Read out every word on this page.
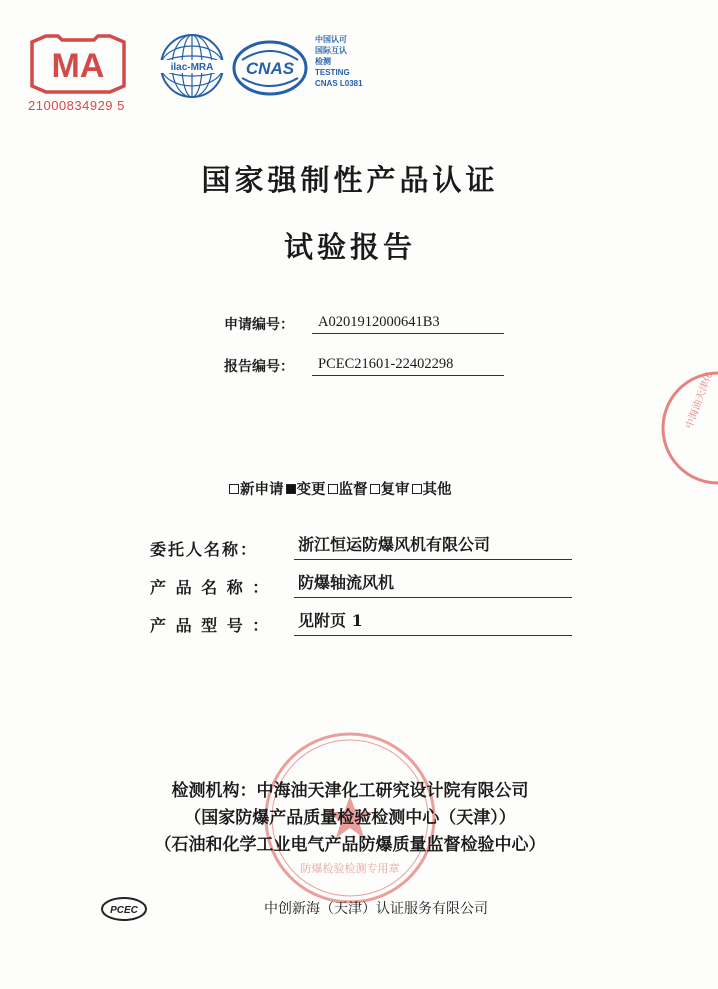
MA
21000834929 5
ilac-MRA CNAS
中国认可
国际互认
检测
TESTING
CNAS L0381
国家强制性产品认证
试验报告
申请编号：	A0201912000641B3
报告编号：	PCEC21601-22402298
新申请 变更 监督 复审 其他
委托人名称：	浙江恒运防爆风机有限公司
产 品 名 称 ：	防爆轴流风机
产 品 型 号 ：	见附页 1
防爆检验检测专用章
中海油天津化
检测机构：中海油天津化工研究设计院有限公司
（国家防爆产品质量检验检测中心（天津））
（石油和化学工业电气产品防爆质量监督检验中心）
PCEC	中创新海（天津）认证服务有限公司
